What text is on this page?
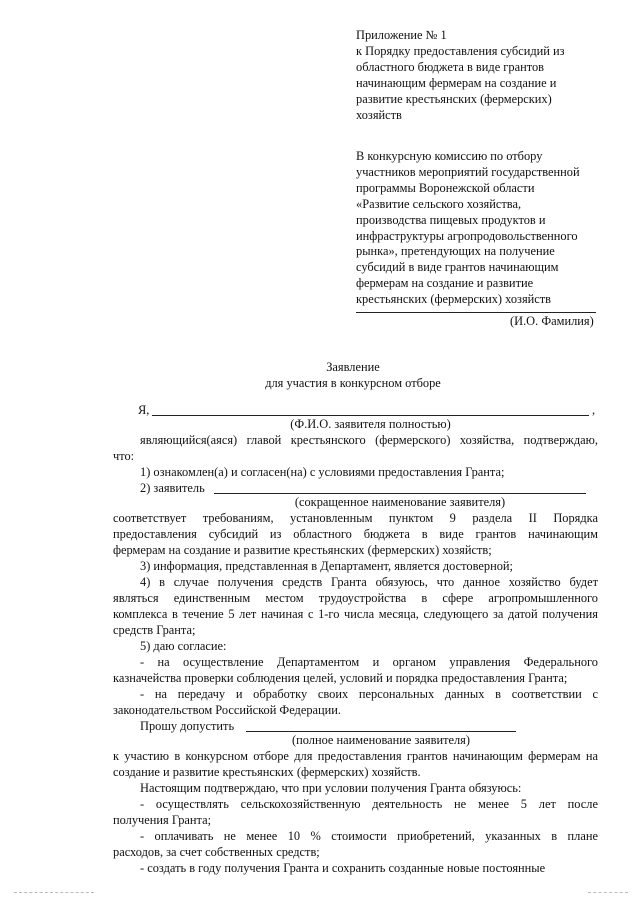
Приложение № 1
к Порядку предоставления субсидий из
областного бюджета в виде грантов
начинающим фермерам на создание и
развитие крестьянских (фермерских)
хозяйств
В конкурсную комиссию по отбору
участников мероприятий государственной
программы Воронежской области
«Развитие сельского хозяйства,
производства пищевых продуктов и
инфраструктуры агропродовольственного
рынка», претендующих на получение
субсидий в виде грантов начинающим
фермерам на создание и развитие
крестьянских (фермерских) хозяйств
(И.О. Фамилия)
Заявление
для участия в конкурсном отборе
Я,	,
(Ф.И.О. заявителя полностью)
являющийся(аяся) главой крестьянского (фермерского) хозяйства, подтверждаю,
что:
1) ознакомлен(а) и согласен(на) с условиями предоставления Гранта;
2) заявитель
(сокращенное наименование заявителя)
соответствует требованиям, установленным пунктом 9 раздела II Порядка
предоставления субсидий из областного бюджета в виде грантов начинающим
фермерам на создание и развитие крестьянских (фермерских) хозяйств;
3) информация, представленная в Департамент, является достоверной;
4) в случае получения средств Гранта обязуюсь, что данное хозяйство будет
являться единственным местом трудоустройства в сфере агропромышленного
комплекса в течение 5 лет начиная с 1-го числа месяца, следующего за датой получения
средств Гранта;
5) даю согласие:
- на осуществление Департаментом и органом управления Федерального
казначейства проверки соблюдения целей, условий и порядка предоставления Гранта;
- на передачу и обработку своих персональных данных в соответствии с
законодательством Российской Федерации.
Прошу допустить
(полное наименование заявителя)
к участию в конкурсном отборе для предоставления грантов начинающим фермерам на
создание и развитие крестьянских (фермерских) хозяйств.
Настоящим подтверждаю, что при условии получения Гранта обязуюсь:
- осуществлять сельскохозяйственную деятельность не менее 5 лет после
получения Гранта;
- оплачивать не менее 10 % стоимости приобретений, указанных в плане
расходов, за счет собственных средств;
- создать в году получения Гранта и сохранить созданные новые постоянные
